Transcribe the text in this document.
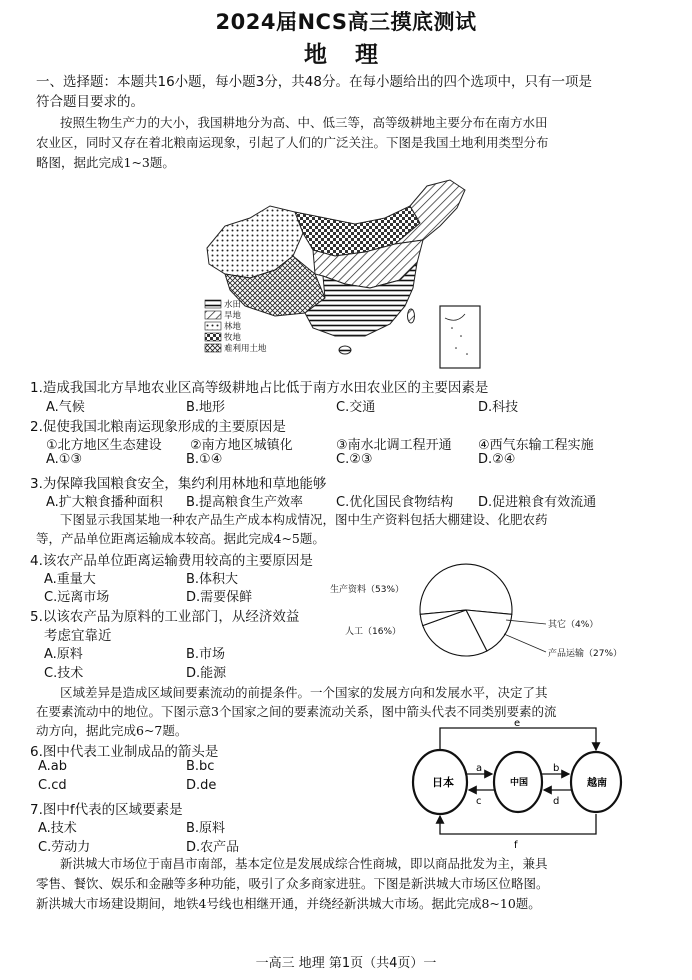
2024届NCS高三摸底测试
地 理
一、选择题：本题共16小题，每小题3分，共48分。在每小题给出的四个选项中，只有一项是
符合题目要求的。
按照生物生产力的大小，我国耕地分为高、中、低三等，高等级耕地主要分布在南方水田
农业区，同时又存在着北粮南运现象，引起了人们的广泛关注。下图是我国土地利用类型分布
略图，据此完成1~3题。
水田
旱地
林地
牧地
难利用土地
1.造成我国北方旱地农业区高等级耕地占比低于南方水田农业区的主要因素是
A.气候	B.地形	C.交通	D.科技
2.促使我国北粮南运现象形成的主要原因是
①北方地区生态建设 ②南方地区城镇化	③南水北调工程开通 ④西气东输工程实施
A.①③	B.①④	C.②③	D.②④
3.为保障我国粮食安全，集约利用林地和草地能够
A.扩大粮食播种面积 B.提高粮食生产效率	C.优化国民食物结构 D.促进粮食有效流通
下图显示我国某地一种农产品生产成本构成情况，图中生产资料包括大棚建设、化肥农药
等，产品单位距离运输成本较高。据此完成4~5题。
4.该农产品单位距离运输费用较高的主要原因是
A.重量大	B.体积大
C.远离市场	D.需要保鲜
5.以该农产品为原料的工业部门，从经济效益
考虑宜靠近
A.原料	B.市场
C.技术	D.能源
生产资料（53%）
人工（16%）
产品运输（27%）
其它（4%）
区域差异是造成区域间要素流动的前提条件。一个国家的发展方向和发展水平，决定了其
在要素流动中的地位。下图示意3个国家之间的要素流动关系，图中箭头代表不同类别要素的流
动方向，据此完成6~7题。
6.图中代表工业制成品的箭头是
A.ab	B.bc
C.cd	D.de
7.图中f代表的区域要素是
A.技术	B.原料
C.劳动力	D.农产品
日本	中国	越南
a	b
c	d
e
f
新洪城大市场位于南昌市南部，基本定位是发展成综合性商城，即以商品批发为主，兼具
零售、餐饮、娱乐和金融等多种功能，吸引了众多商家进驻。下图是新洪城大市场区位略图。
新洪城大市场建设期间，地铁4号线也相继开通，并绕经新洪城大市场。据此完成8~10题。
一高三 地理 第1页（共4页）一
